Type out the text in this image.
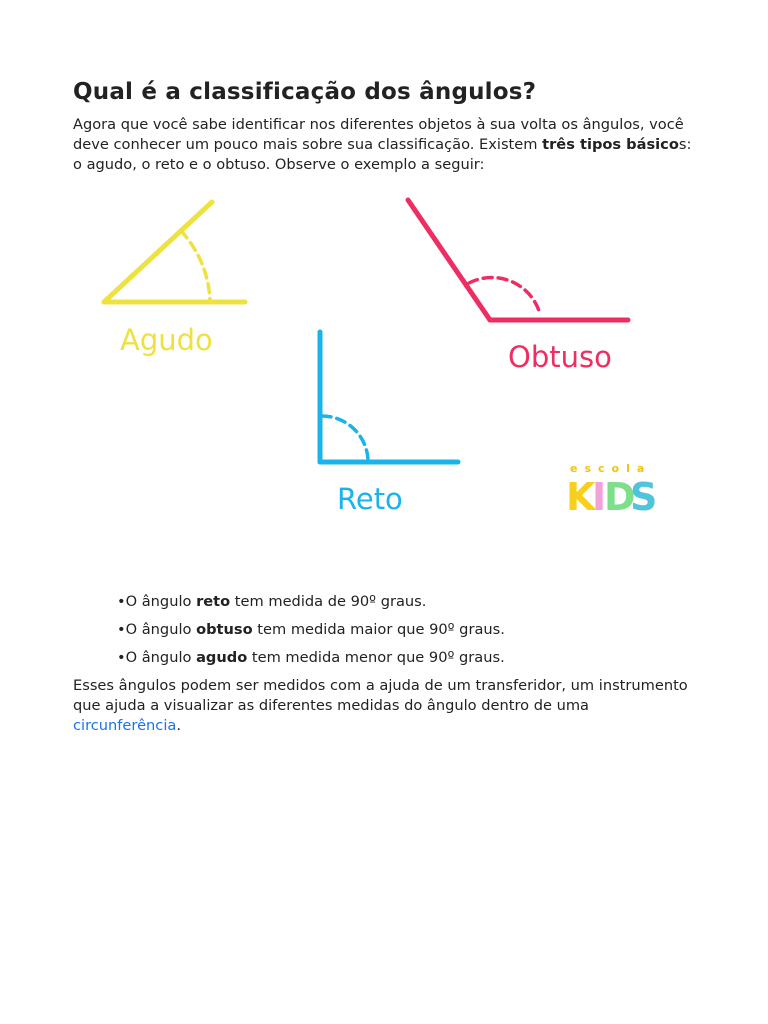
Qual é a classificação dos ângulos?

Agora que você sabe identificar nos diferentes objetos à sua volta os ângulos, você deve conhecer um pouco mais sobre sua classificação. Existem três tipos básicos: o agudo, o reto e o obtuso. Observe o exemplo a seguir:

Agudo	Obtuso
Reto
escola
K
I
D
S
•O ângulo reto tem medida de 90º graus.
•O ângulo obtuso tem medida maior que 90º graus.
•O ângulo agudo tem medida menor que 90º graus.

Esses ângulos podem ser medidos com a ajuda de um transferidor, um instrumento que ajuda a visualizar as diferentes medidas do ângulo dentro de uma circunferência.
